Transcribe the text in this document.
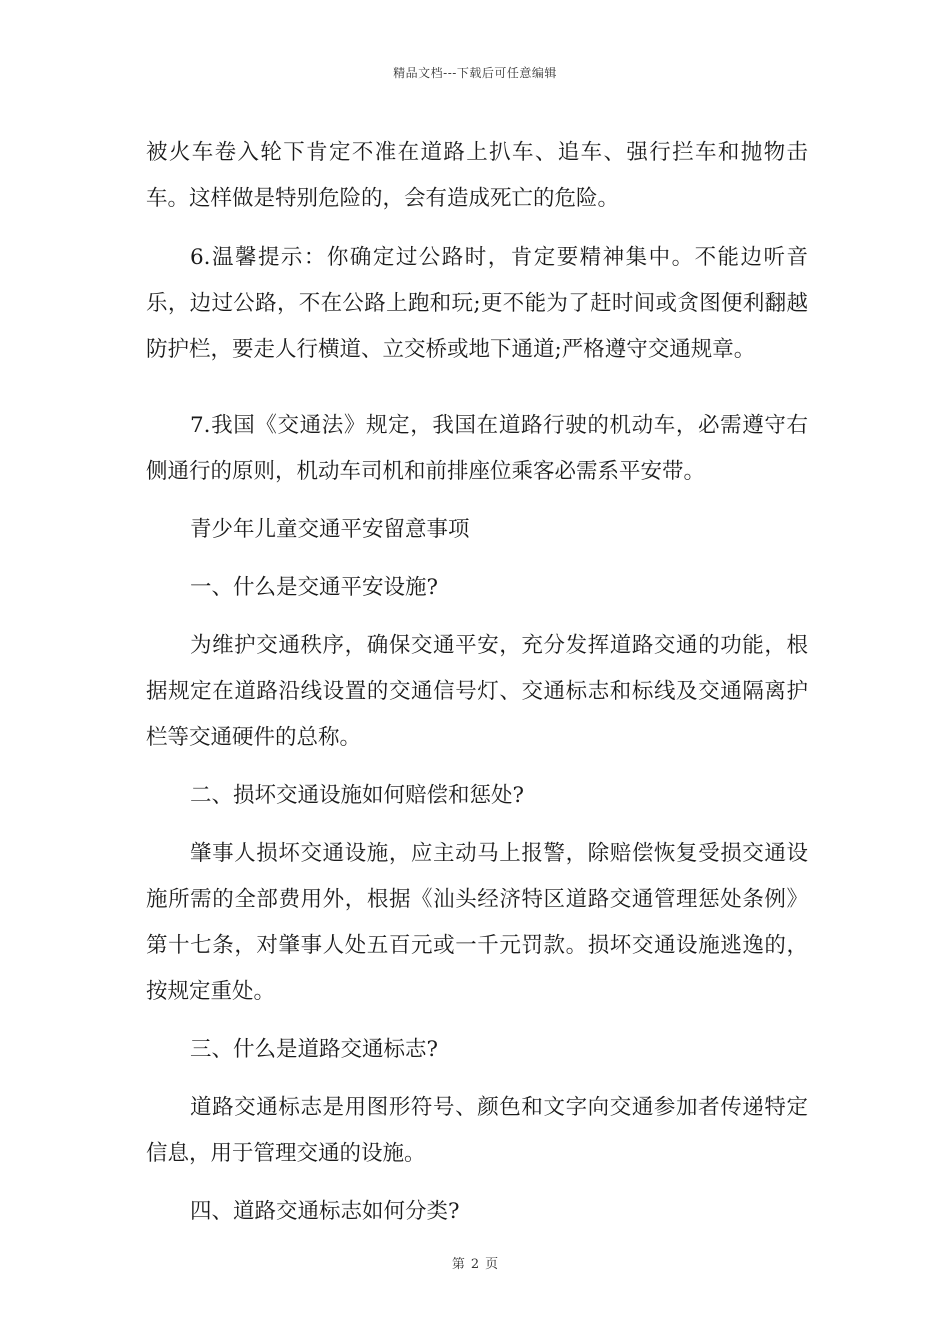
精品文档---下载后可任意编辑

被火车卷入轮下肯定不准在道路上扒车、追车、强行拦车和抛物击车。这样做是特别危险的，会有造成死亡的危险。

6.温馨提示：你确定过公路时，肯定要精神集中。不能边听音乐，边过公路，不在公路上跑和玩;更不能为了赶时间或贪图便利翻越防护栏，要走人行横道、立交桥或地下通道;严格遵守交通规章。

7.我国《交通法》规定，我国在道路行驶的机动车，必需遵守右侧通行的原则，机动车司机和前排座位乘客必需系平安带。

青少年儿童交通平安留意事项

一、什么是交通平安设施?

为维护交通秩序，确保交通平安，充分发挥道路交通的功能，根据规定在道路沿线设置的交通信号灯、交通标志和标线及交通隔离护栏等交通硬件的总称。

二、损坏交通设施如何赔偿和惩处?

肇事人损坏交通设施，应主动马上报警，除赔偿恢复受损交通设施所需的全部费用外，根据《汕头经济特区道路交通管理惩处条例》第十七条，对肇事人处五百元或一千元罚款。损坏交通设施逃逸的，按规定重处。

三、什么是道路交通标志?

道路交通标志是用图形符号、颜色和文字向交通参加者传递特定信息，用于管理交通的设施。

四、道路交通标志如何分类?

第 2 页
